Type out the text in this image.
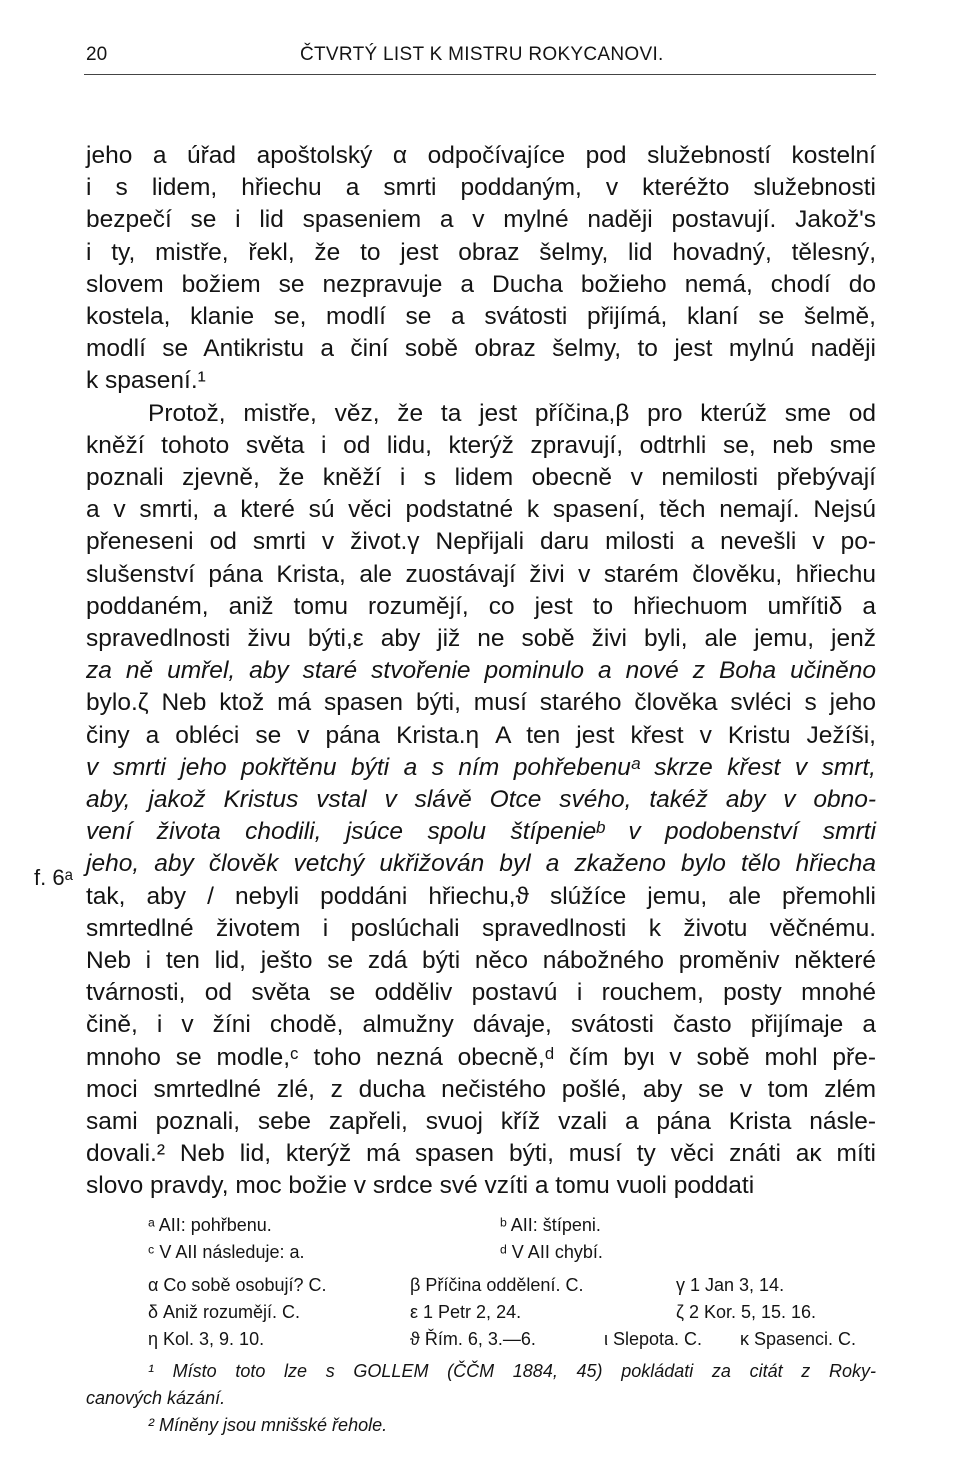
20	ČTVRTÝ LIST K MISTRU ROKYCANOVI.
jeho a úřad apoštolský α odpočívajíce pod služebností kostelní
i s lidem, hřiechu a smrti poddaným, v kteréžto služebnosti
bezpečí se i lid spaseniem a v mylné naději postavují. Jakož's
i ty, mistře, řekl, že to jest obraz šelmy, lid hovadný, tělesný,
slovem božiem se nezpravuje a Ducha božieho nemá, chodí do
kostela, klanie se, modlí se a svátosti přijímá, klaní se šelmě,
modlí se Antikristu a činí sobě obraz šelmy, to jest mylnú naději
k spasení.¹
Protož, mistře, věz, že ta jest příčina,β pro kterúž sme od
kněží tohoto světa i od lidu, kterýž zpravují, odtrhli se, neb sme
poznali zjevně, že kněží i s lidem obecně v nemilosti přebývají
a v smrti, a které sú věci podstatné k spasení, těch nemají. Nejsú
přeneseni od smrti v život.γ Nepřijali daru milosti a nevešli v po-
slušenství pána Krista, ale zuostávají živi v starém člověku, hřiechu
poddaném, aniž tomu rozumějí, co jest to hřiechuom umřítiδ a
spravedlnosti živu býti,ε aby již ne sobě živi byli, ale jemu, jenž
za ně umřel, aby staré stvořenie pominulo a nové z Boha učiněno
bylo.ζ Neb ktož má spasen býti, musí starého člověka svléci s jeho
činy a obléci se v pána Krista.η A ten jest křest v Kristu Ježíši,
v smrti jeho pokřtěnu býti a s ním pohřebenuᵃ skrze křest v smrt,
aby, jakož Kristus vstal v slávě Otce svého, takéž aby v obno-
vení života chodili, jsúce spolu štípenieᵇ v podobenství smrti
jeho, aby člověk vetchý ukřižován byl a zkaženo bylo tělo hřiecha
tak, aby / nebyli poddáni hřiechu,ϑ slúžíce jemu, ale přemohli
smrtedlné životem i poslúchali spravedlnosti k životu věčnému.
Neb i ten lid, ješto se zdá býti něco nábožného proměniv některé
tvárnosti, od světa se odděliv postavú i rouchem, posty mnohé
čině, i v žíni chodě, almužny dávaje, svátosti často přijímaje a
mnoho se modle,ᶜ toho nezná obecně,ᵈ čím byι v sobě mohl pře-
moci smrtedlné zlé, z ducha nečistého pošlé, aby se v tom zlém
sami poznali, sebe zapřeli, svuoj kříž vzali a pána Krista násle-
dovali.² Neb lid, kterýž má spasen býti, musí ty věci znáti aκ míti
slovo pravdy, moc božie v srdce své vzíti a tomu vuoli poddati
f. 6ᵃ
ᵃ AII: pohřbenu.	ᵇ AII: štípeni.
ᶜ V AII následuje: a.	ᵈ V AII chybí.
α Co sobě osobují? C.	β Příčina oddělení. C.	γ 1 Jan 3, 14.
δ Aniž rozumějí. C.	ε 1 Petr 2, 24.	ζ 2 Kor. 5, 15. 16.
η Kol. 3, 9. 10.	ϑ Řím. 6, 3.—6.	ι Slepota. C. κ Spasenci. C.
¹ Místo toto lze s GOLLEM (ČČM 1884, 45) pokládati za citát z Roky-
canových kázání.
² Míněny jsou mnišské řehole.
